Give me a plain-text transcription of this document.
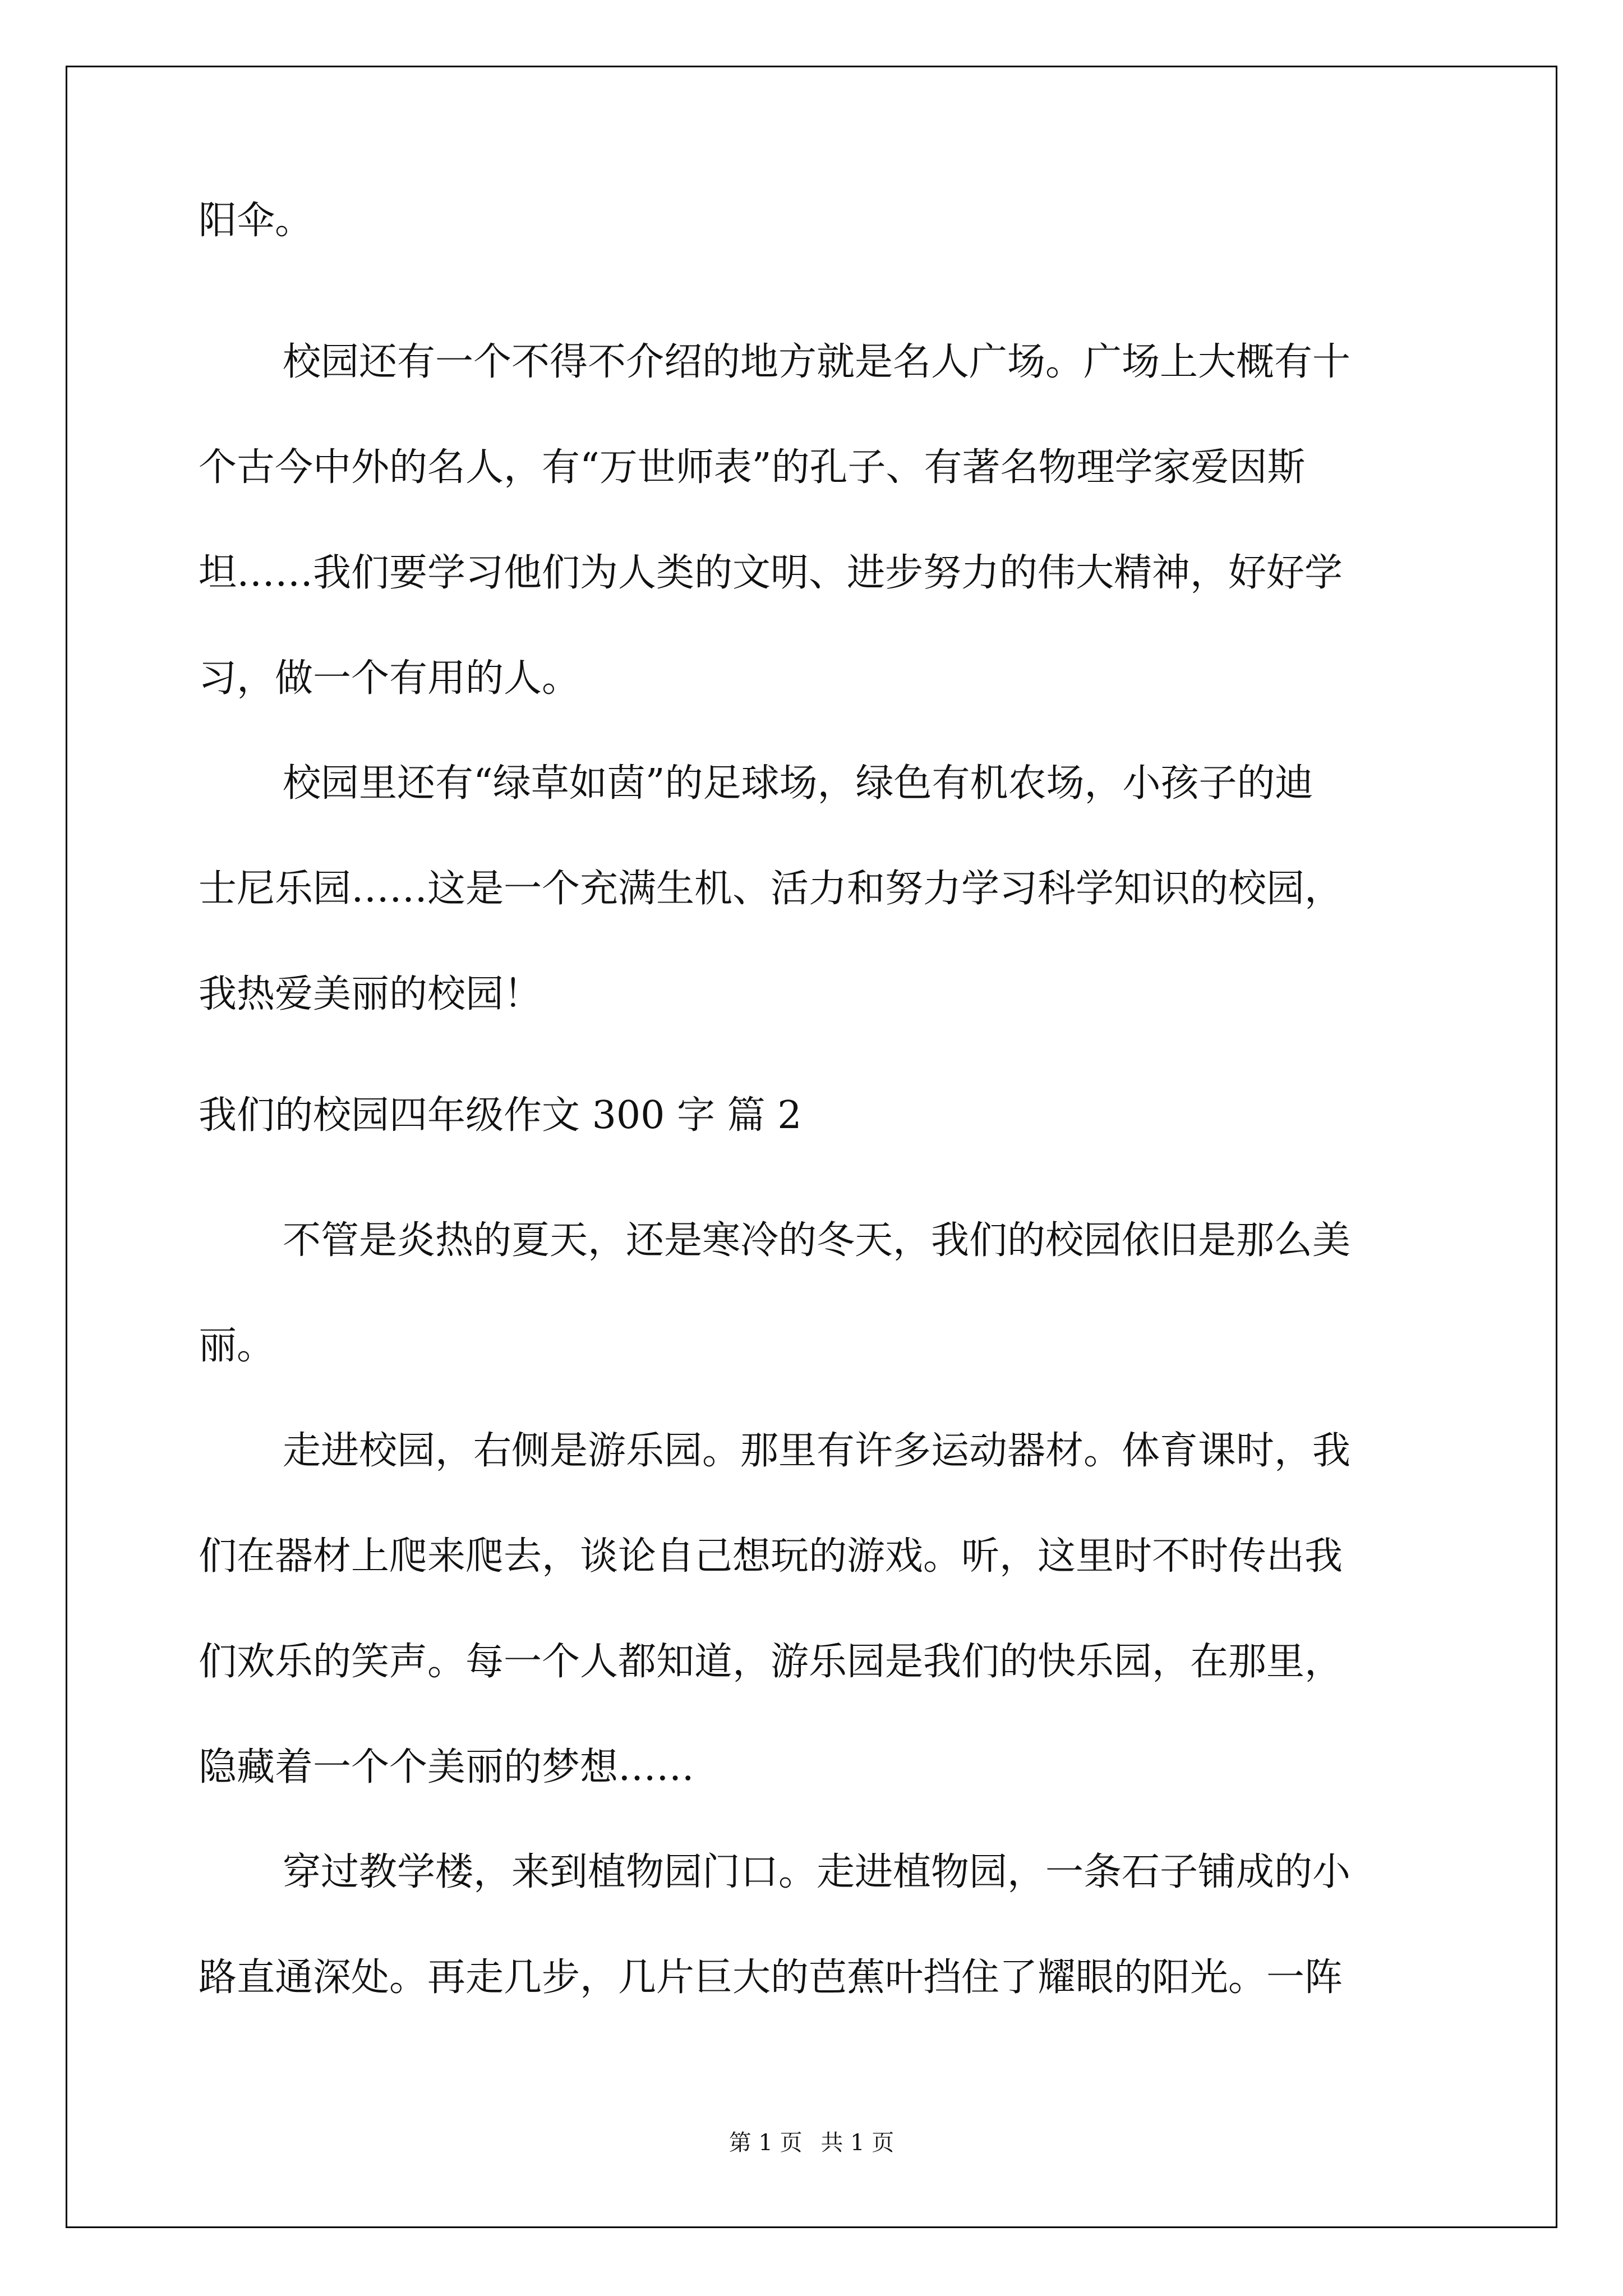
阳伞。
校园还有一个不得不介绍的地方就是名人广场。广场上大概有十
个古今中外的名人，有“万世师表”的孔子、有著名物理学家爱因斯
坦……我们要学习他们为人类的文明、进步努力的伟大精神，好好学
习，做一个有用的人。
校园里还有“绿草如茵”的足球场，绿色有机农场，小孩子的迪
士尼乐园……这是一个充满生机、活力和努力学习科学知识的校园，
我热爱美丽的校园！
我们的校园四年级作文 300 字 篇 2
不管是炎热的夏天，还是寒冷的冬天，我们的校园依旧是那么美
丽。
走进校园，右侧是游乐园。那里有许多运动器材。体育课时，我
们在器材上爬来爬去，谈论自己想玩的游戏。听，这里时不时传出我
们欢乐的笑声。每一个人都知道，游乐园是我们的快乐园，在那里，
隐藏着一个个美丽的梦想……
穿过教学楼，来到植物园门口。走进植物园，一条石子铺成的小
路直通深处。再走几步，几片巨大的芭蕉叶挡住了耀眼的阳光。一阵
第 1 页 共 1 页
